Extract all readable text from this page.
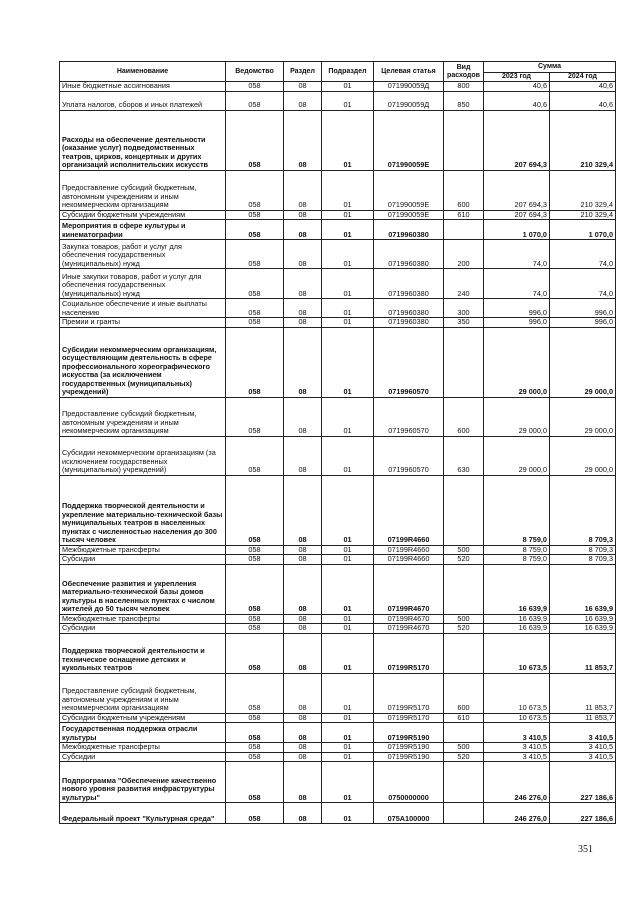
Наименование	Ведомство	Раздел	Подраздел	Целевая статья	Вид расходов	Сумма	
						2023 год	2024 год
Иные бюджетные ассигнования	058	08	01	071990059Д	800	40,6	40,6
Уплата налогов, сборов и иных платежей	058	08	01	071990059Д	850	40,6	40,6
Расходы на обеспечение деятельности (оказание услуг) подведомственных театров, цирков, концертных и других организаций исполнительских искусств	058	08	01	071990059Е		207 694,3	210 329,4
Предоставление субсидий бюджетным, автономным учреждениям и иным некоммерческим организациям	058	08	01	071990059Е	600	207 694,3	210 329,4
Субсидии бюджетным учреждениям	058	08	01	071990059Е	610	207 694,3	210 329,4
Мероприятия в сфере культуры и кинематографии	058	08	01	0719960380		1 070,0	1 070,0
Закупка товаров, работ и услуг для обеспечения государственных (муниципальных) нужд	058	08	01	0719960380	200	74,0	74,0
Иные закупки товаров, работ и услуг для обеспечения государственных (муниципальных) нужд	058	08	01	0719960380	240	74,0	74,0
Социальное обеспечение и иные выплаты населению	058	08	01	0719960380	300	996,0	996,0
Премии и гранты	058	08	01	0719960380	350	996,0	996,0
Субсидии некоммерческим организациям, осуществляющим деятельность в сфере профессионального хореографического искусства (за исключением государственных (муниципальных) учреждений)	058	08	01	0719960570		29 000,0	29 000,0
Предоставление субсидий бюджетным, автономным учреждениям и иным некоммерческим организациям	058	08	01	0719960570	600	29 000,0	29 000,0
Субсидии некоммерческим организациям (за исключением государственных (муниципальных) учреждений)	058	08	01	0719960570	630	29 000,0	29 000,0
Поддержка творческой деятельности и укрепление материально-технической базы муниципальных театров в населенных пунктах с численностью населения до 300 тысяч человек	058	08	01	07199R4660		8 759,0	8 709,3
Межбюджетные трансферты	058	08	01	07199R4660	500	8 759,0	8 709,3
Субсидии	058	08	01	07199R4660	520	8 759,0	8 709,3
Обеспечение развития и укрепления материально-технической базы домов культуры в населенных пунктах с числом жителей до 50 тысяч человек	058	08	01	07199R4670		16 639,9	16 639,9
Межбюджетные трансферты	058	08	01	07199R4670	500	16 639,9	16 639,9
Субсидии	058	08	01	07199R4670	520	16 639,9	16 639,9
Поддержка творческой деятельности и техническое оснащение детских и кукольных театров	058	08	01	07199R5170		10 673,5	11 853,7
Предоставление субсидий бюджетным, автономным учреждениям и иным некоммерческим организациям	058	08	01	07199R5170	600	10 673,5	11 853,7
Субсидии бюджетным учреждениям	058	08	01	07199R5170	610	10 673,5	11 853,7
Государственная поддержка отрасли культуры	058	08	01	07199R5190		3 410,5	3 410,5
Межбюджетные трансферты	058	08	01	07199R5190	500	3 410,5	3 410,5
Субсидии	058	08	01	07199R5190	520	3 410,5	3 410,5
Подпрограмма "Обеспечение качественно нового уровня развития инфраструктуры культуры"	058	08	01	0750000000		246 276,0	227 186,6
Федеральный проект "Культурная среда"	058	08	01	075А100000		246 276,0	227 186,6
351
